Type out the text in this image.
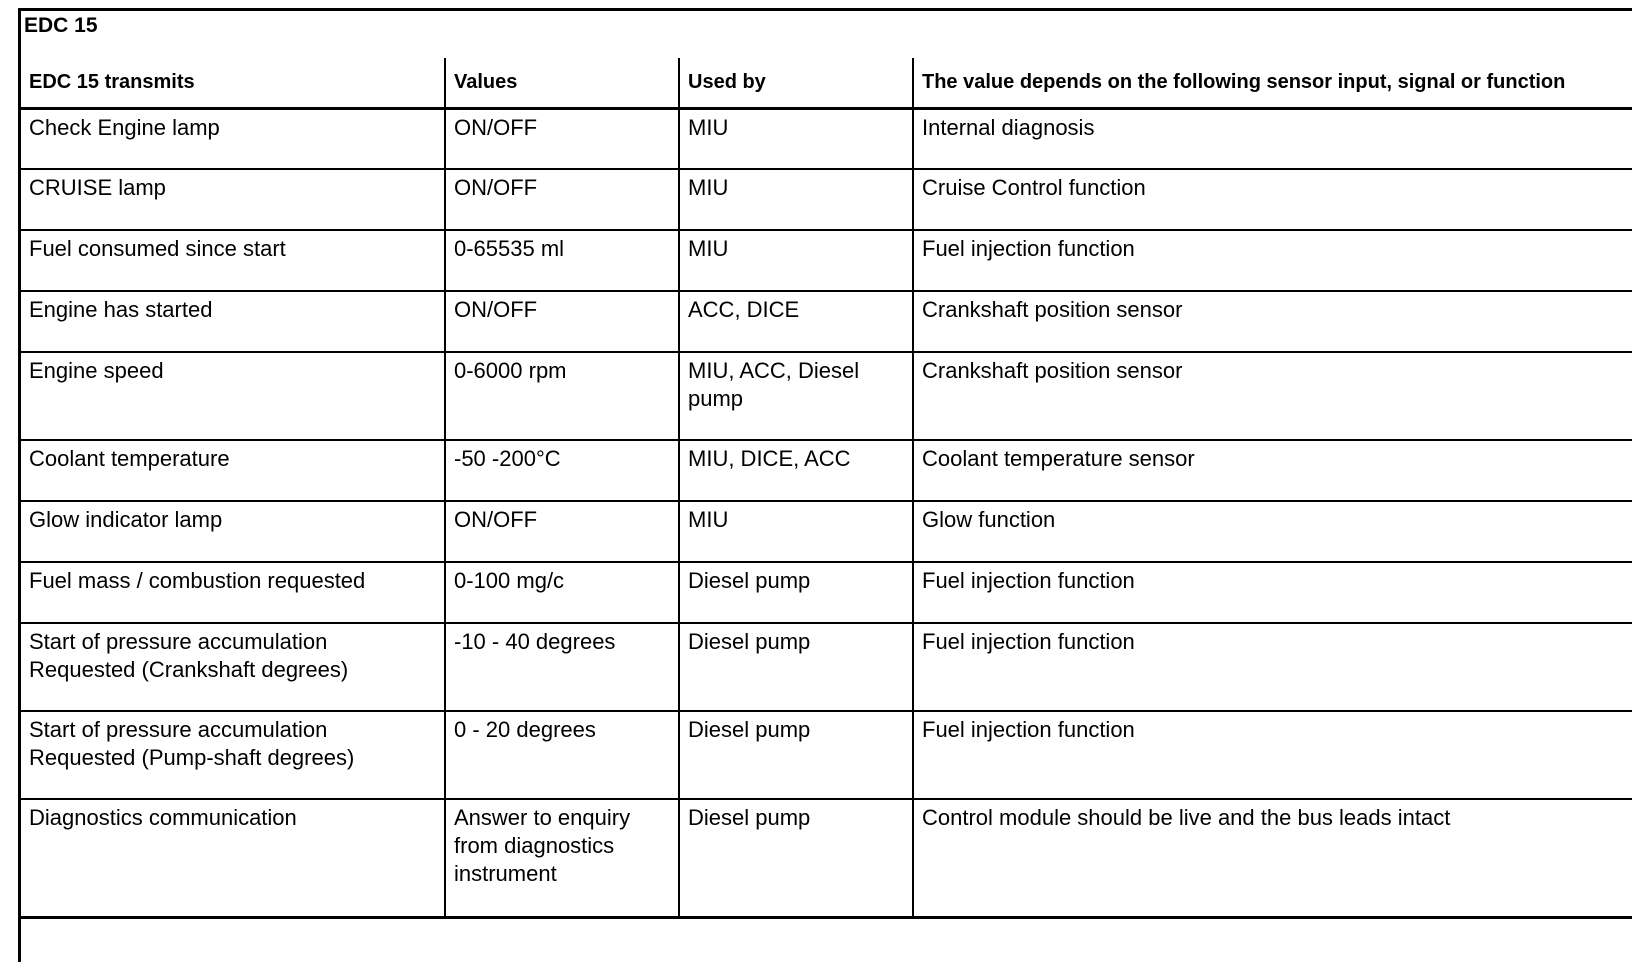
EDC 15
EDC 15 transmits	Values	Used by	The value depends on the following sensor input, signal or function
Check Engine lamp	ON/OFF	MIU	Internal diagnosis
CRUISE lamp	ON/OFF	MIU	Cruise Control function
Fuel consumed since start	0-65535 ml	MIU	Fuel injection function
Engine has started	ON/OFF	ACC, DICE	Crankshaft position sensor
Engine speed	0-6000 rpm	MIU, ACC, Diesel pump	Crankshaft position sensor
Coolant temperature	-50 -200°C	MIU, DICE, ACC	Coolant temperature sensor
Glow indicator lamp	ON/OFF	MIU	Glow function
Fuel mass / combustion requested	0-100 mg/c	Diesel pump	Fuel injection function
Start of pressure accumulation Requested (Crankshaft degrees)	-10 - 40 degrees	Diesel pump	Fuel injection function
Start of pressure accumulation Requested (Pump-shaft degrees)	0 - 20 degrees	Diesel pump	Fuel injection function
Diagnostics communication	Answer to enquiry from diagnostics instrument	Diesel pump	Control module should be live and the bus leads intact
